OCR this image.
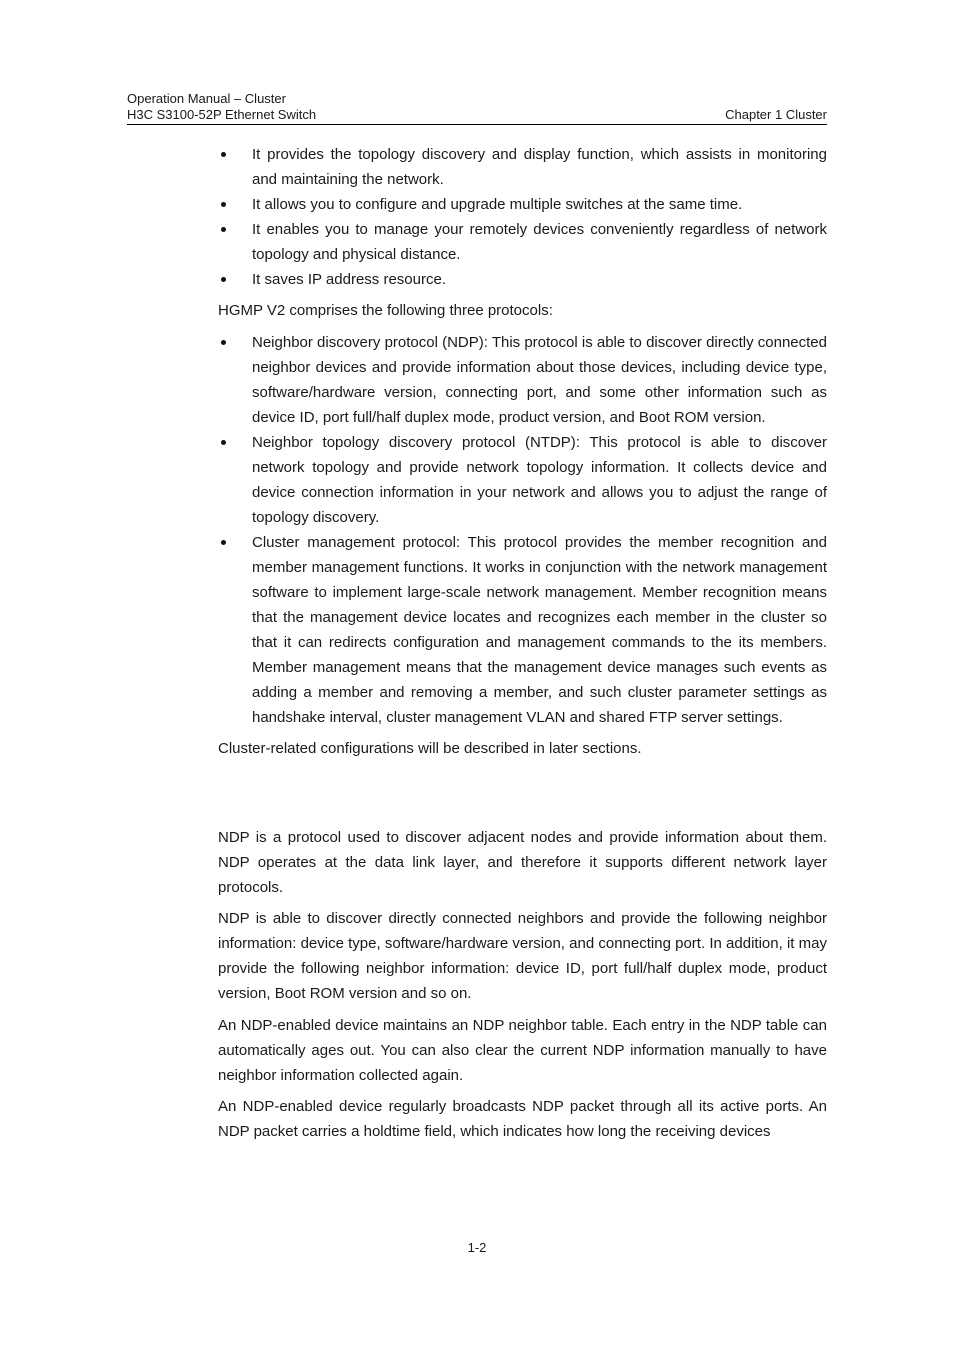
Operation Manual – Cluster
H3C S3100-52P Ethernet Switch	Chapter 1 Cluster
It provides the topology discovery and display function, which assists in monitoring and maintaining the network.
It allows you to configure and upgrade multiple switches at the same time.
It enables you to manage your remotely devices conveniently regardless of network topology and physical distance.
It saves IP address resource.

HGMP V2 comprises the following three protocols:

Neighbor discovery protocol (NDP): This protocol is able to discover directly connected neighbor devices and provide information about those devices, including device type, software/hardware version, connecting port, and some other information such as device ID, port full/half duplex mode, product version, and Boot ROM version.
Neighbor topology discovery protocol (NTDP): This protocol is able to discover network topology and provide network topology information. It collects device and device connection information in your network and allows you to adjust the range of topology discovery.
Cluster management protocol: This protocol provides the member recognition and member management functions. It works in conjunction with the network management software to implement large-scale network management. Member recognition means that the management device locates and recognizes each member in the cluster so that it can redirects configuration and management commands to the its members. Member management means that the management device manages such events as adding a member and removing a member, and such cluster parameter settings as handshake interval, cluster management VLAN and shared FTP server settings.

Cluster-related configurations will be described in later sections.

NDP is a protocol used to discover adjacent nodes and provide information about them. NDP operates at the data link layer, and therefore it supports different network layer protocols.

NDP is able to discover directly connected neighbors and provide the following neighbor information: device type, software/hardware version, and connecting port. In addition, it may provide the following neighbor information: device ID, port full/half duplex mode, product version, Boot ROM version and so on.

An NDP-enabled device maintains an NDP neighbor table. Each entry in the NDP table can automatically ages out. You can also clear the current NDP information manually to have neighbor information collected again.

An NDP-enabled device regularly broadcasts NDP packet through all its active ports. An NDP packet carries a holdtime field, which indicates how long the receiving devices

1-2
